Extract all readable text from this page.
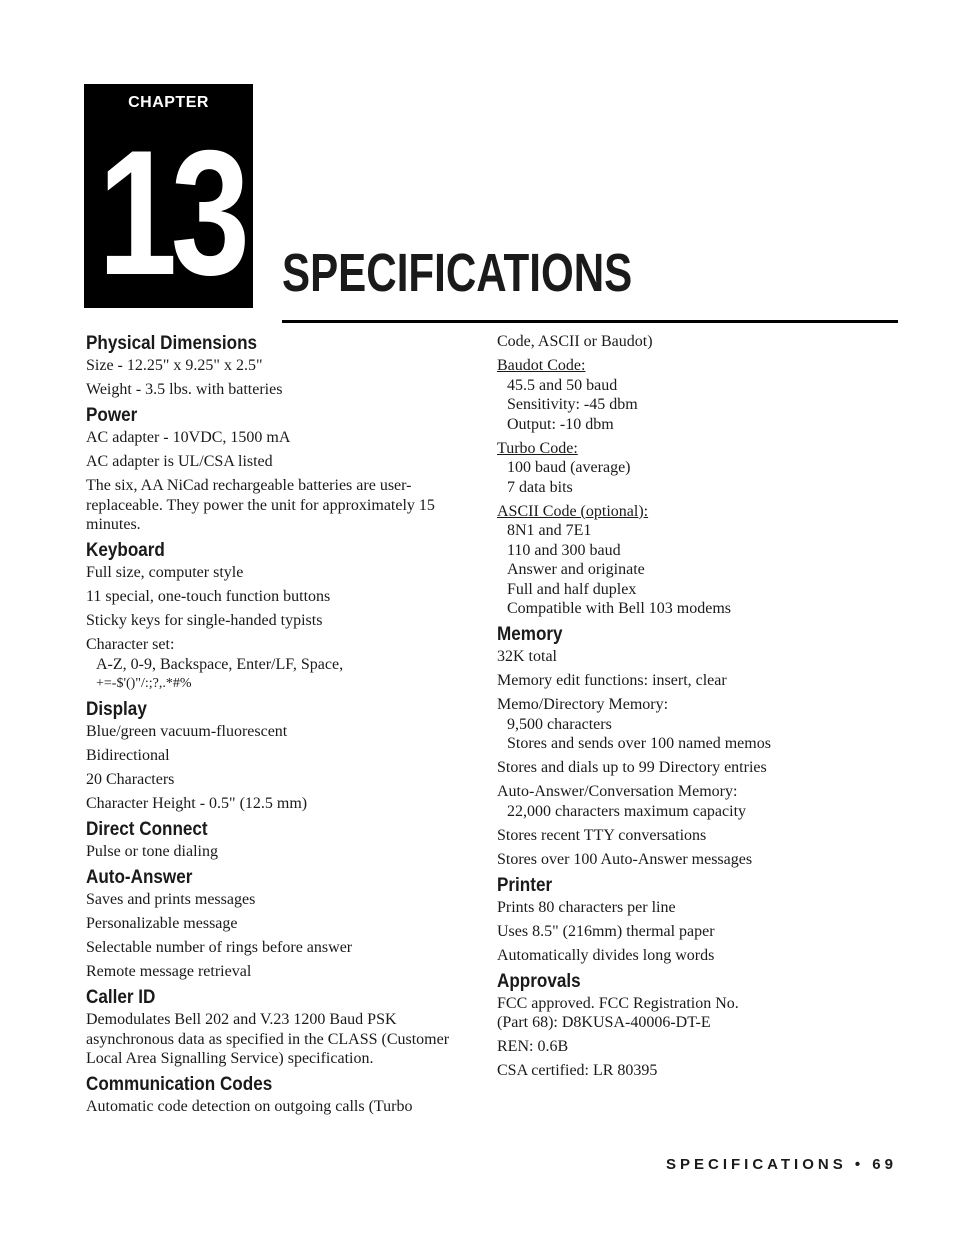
CHAPTER
13 SPECIFICATIONS
Physical Dimensions

Size - 12.25" x 9.25" x 2.5"

Weight - 3.5 lbs. with batteries

Power

AC adapter - 10VDC, 1500 mA

AC adapter is UL/CSA listed

The six, AA NiCad rechargeable batteries are user-replaceable. They power the unit for approximately 15 minutes.

Keyboard

Full size, computer style

11 special, one-touch function buttons

Sticky keys for single-handed typists

Character set:
A-Z, 0-9, Backspace, Enter/LF, Space,
+=-$'()"/:;?,.*#%

Display

Blue/green vacuum-fluorescent

Bidirectional

20 Characters

Character Height - 0.5" (12.5 mm)

Direct Connect

Pulse or tone dialing

Auto-Answer

Saves and prints messages

Personalizable message

Selectable number of rings before answer

Remote message retrieval

Caller ID

Demodulates Bell 202 and V.23 1200 Baud PSK asynchronous data as specified in the CLASS (Customer Local Area Signalling Service) specification.

Communication Codes

Automatic code detection on outgoing calls (Turbo

Code, ASCII or Baudot)

Baudot Code:
45.5 and 50 baud
Sensitivity: -45 dbm
Output: -10 dbm

Turbo Code:
100 baud (average)
7 data bits

ASCII Code (optional):
8N1 and 7E1
110 and 300 baud
Answer and originate
Full and half duplex
Compatible with Bell 103 modems

Memory

32K total

Memory edit functions: insert, clear

Memo/Directory Memory:
9,500 characters
Stores and sends over 100 named memos

Stores and dials up to 99 Directory entries

Auto-Answer/Conversation Memory:
22,000 characters maximum capacity

Stores recent TTY conversations

Stores over 100 Auto-Answer messages

Printer

Prints 80 characters per line

Uses 8.5" (216mm) thermal paper

Automatically divides long words

Approvals

FCC approved. FCC Registration No.
(Part 68): D8KUSA-40006-DT-E

REN: 0.6B

CSA certified: LR 80395

SPECIFICATIONS • 69
